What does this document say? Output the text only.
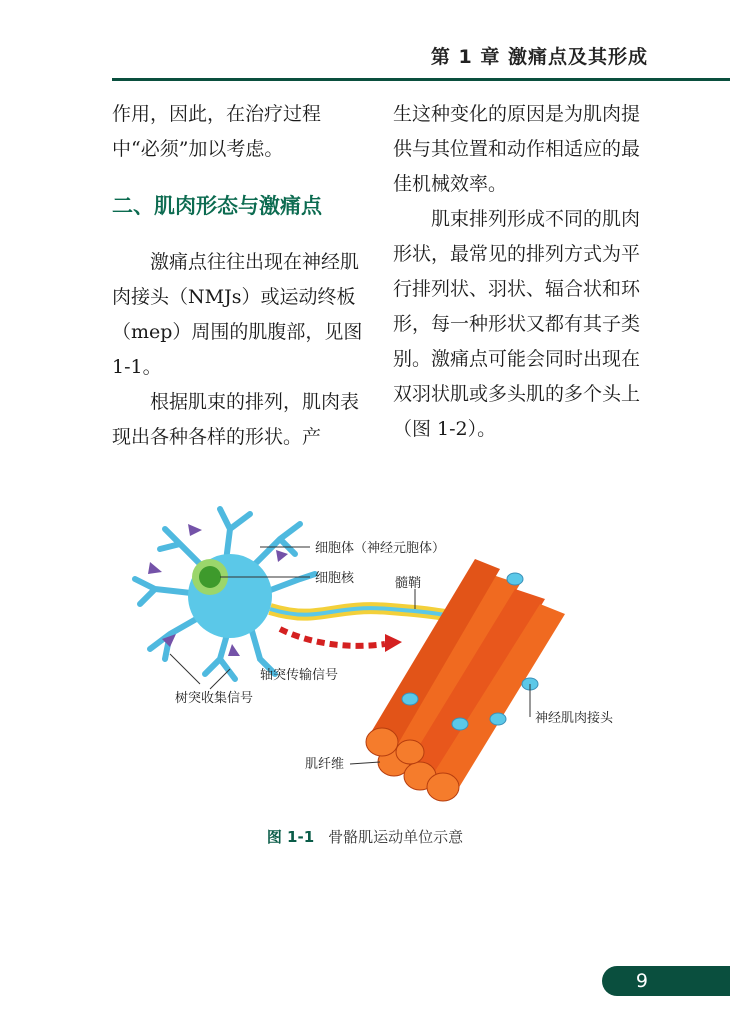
第 1 章 激痛点及其形成

作用，因此，在治疗过程中“必须”加以考虑。

二、肌肉形态与激痛点

激痛点往往出现在神经肌肉接头（NMJs）或运动终板（mep）周围的肌腹部，见图 1-1。

根据肌束的排列，肌肉表现出各种各样的形状。产

生这种变化的原因是为肌肉提供与其位置和动作相适应的最佳机械效率。

肌束排列形成不同的肌肉形状，最常见的排列方式为平行排列状、羽状、辐合状和环形，每一种形状又都有其子类别。激痛点可能会同时出现在双羽状肌或多头肌的多个头上（图 1-2）。

细胞体（神经元胞体）
细胞核	髓鞘
轴突传输信号
树突收集信号
神经肌肉接头
肌纤维
图 1-1 骨骼肌运动单位示意
9
